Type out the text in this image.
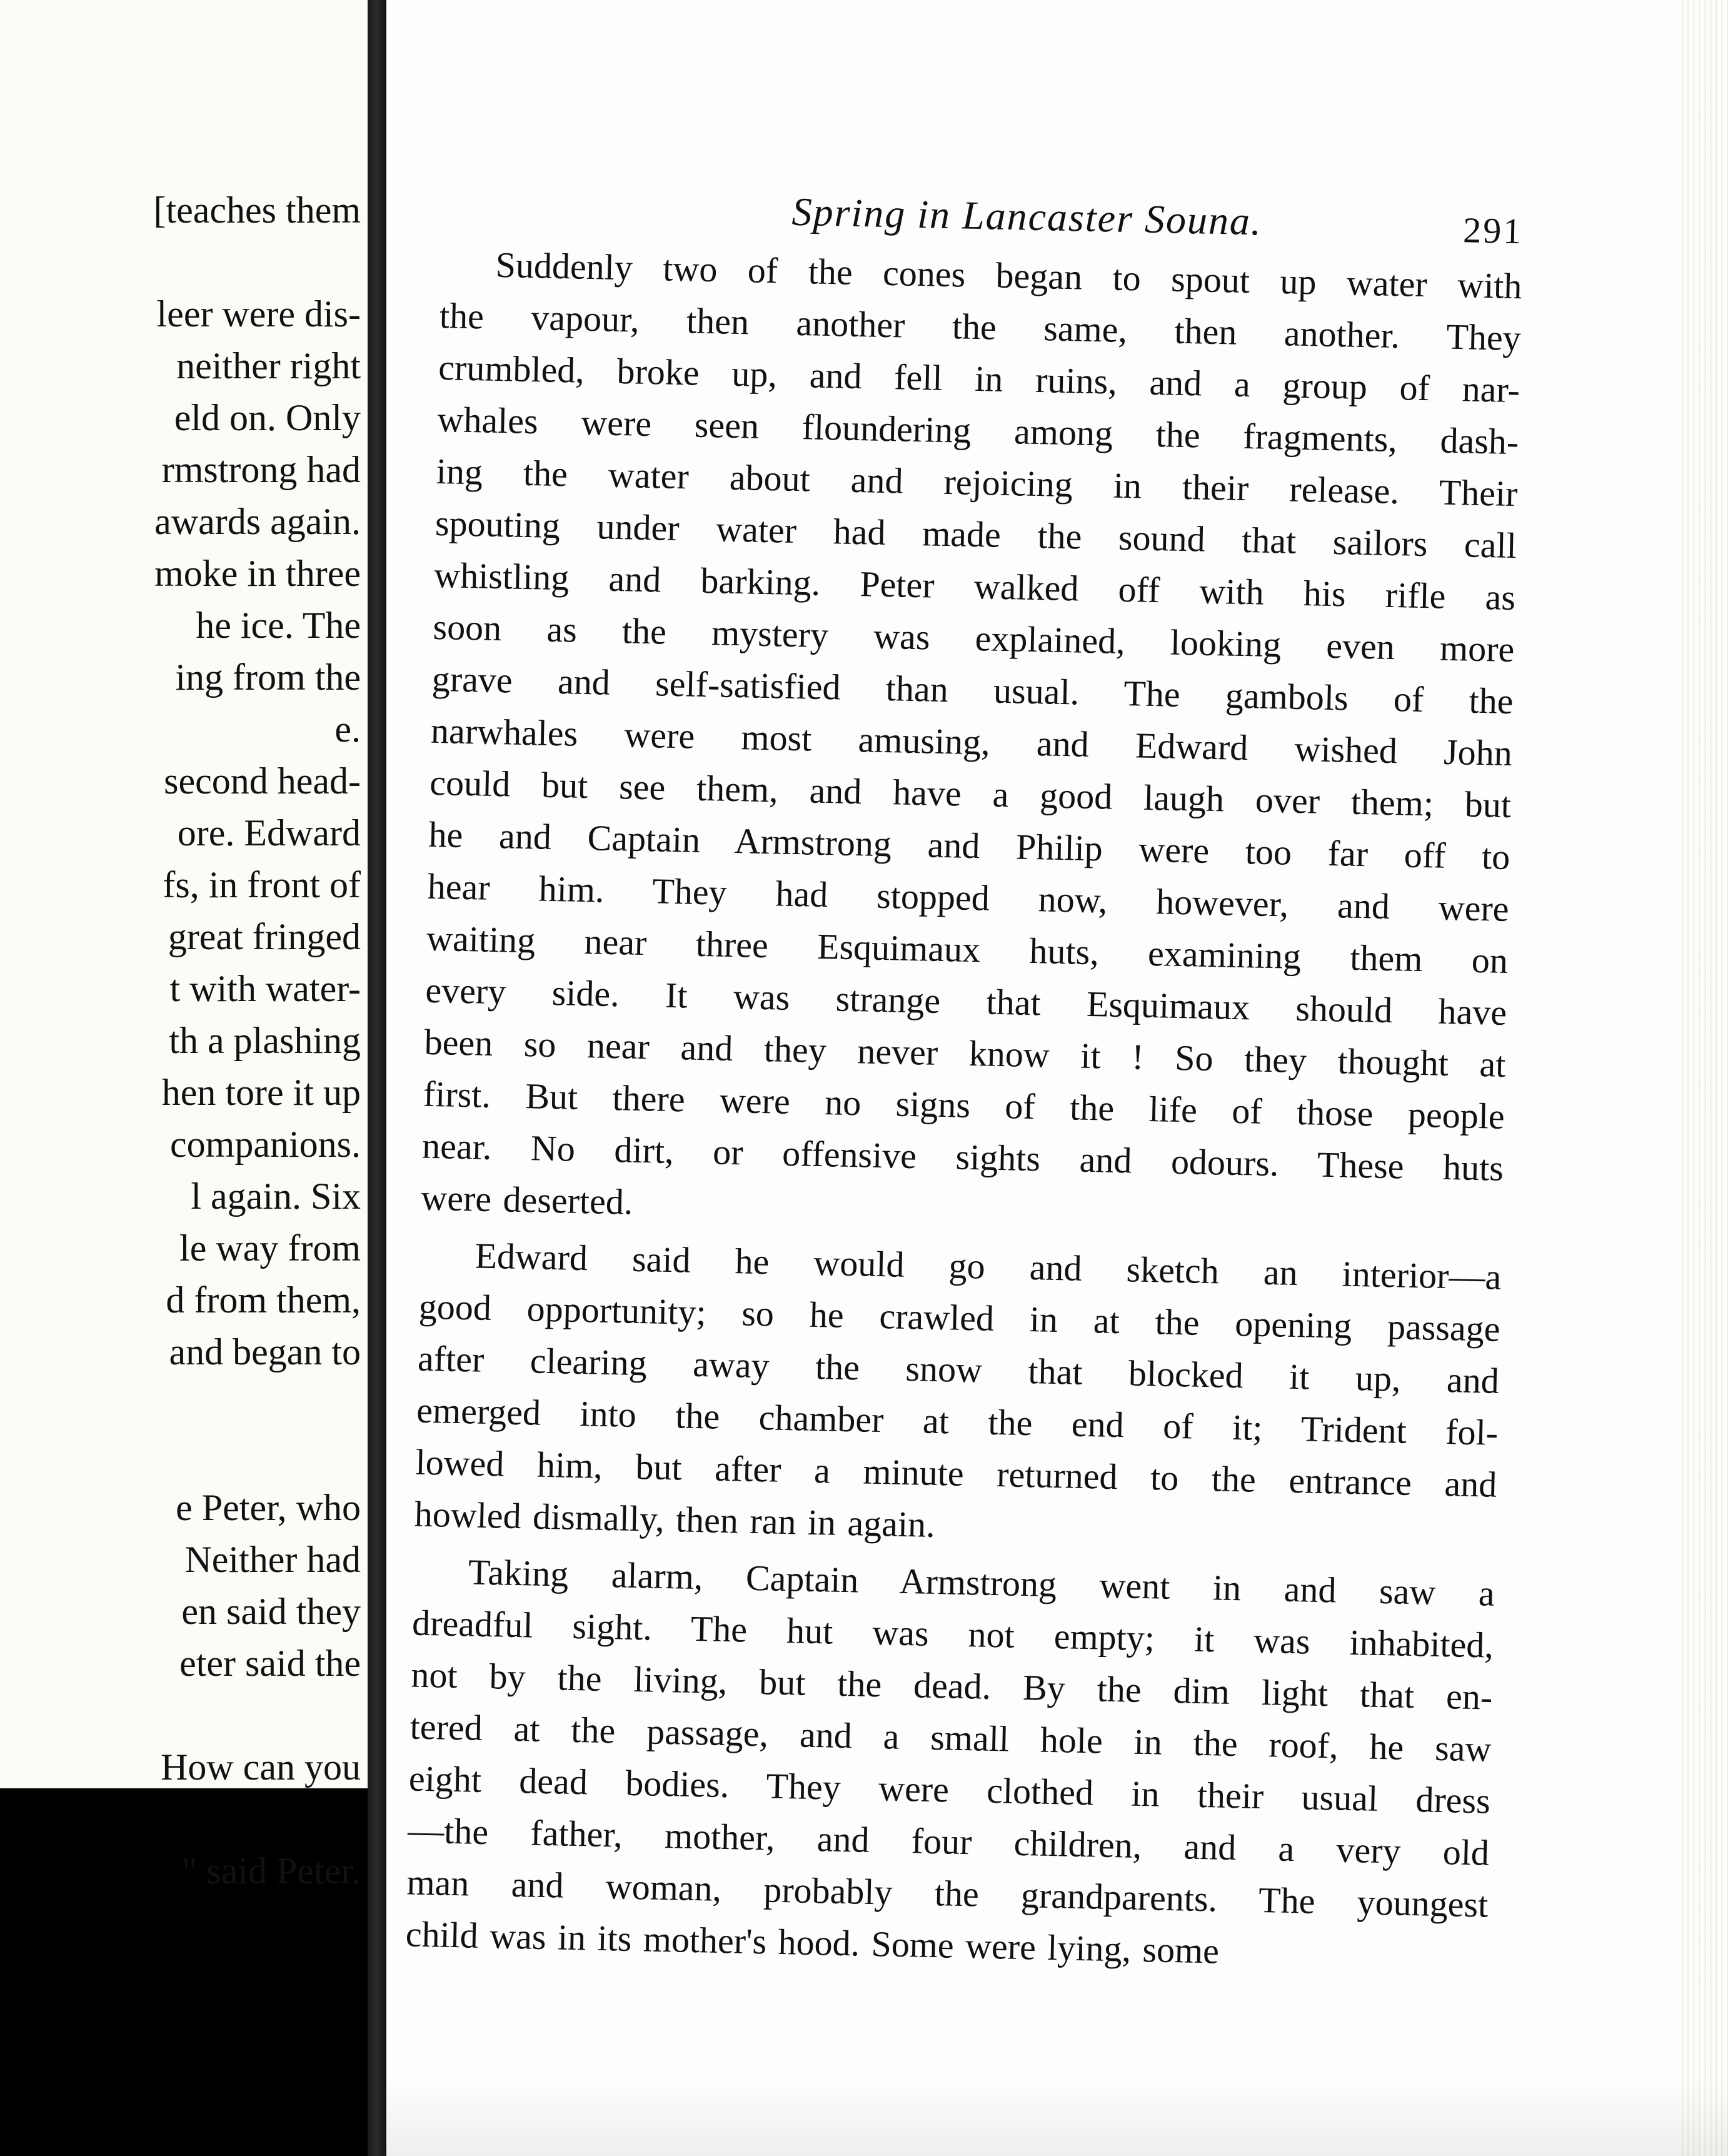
[teaches them
leer were dis-
neither right
eld on. Only
rmstrong had
awards again.
moke in three
he ice. The
ing from the
e.
second head-
ore. Edward
fs, in front of
great fringed
t with water-
th a plashing
hen tore it up
companions.
l again. Six
le way from
d from them,
and began to
e Peter, who
Neither had
en said they
eter said the
How can you
" said Peter.
Spring in Lancaster Souna.	291

Suddenly two of the cones began to spout up water with
the vapour, then another the same, then another. They
crumbled, broke up, and fell in ruins, and a group of nar-
whales were seen floundering among the fragments, dash-
ing the water about and rejoicing in their release. Their
spouting under water had made the sound that sailors call
whistling and barking. Peter walked off with his rifle as
soon as the mystery was explained, looking even more
grave and self-satisfied than usual. The gambols of the
narwhales were most amusing, and Edward wished John
could but see them, and have a good laugh over them; but
he and Captain Armstrong and Philip were too far off to
hear him. They had stopped now, however, and were
waiting near three Esquimaux huts, examining them on
every side. It was strange that Esquimaux should have
been so near and they never know it ! So they thought at
first. But there were no signs of the life of those people
near. No dirt, or offensive sights and odours. These huts
were deserted.

Edward said he would go and sketch an interior—a
good opportunity; so he crawled in at the opening passage
after clearing away the snow that blocked it up, and
emerged into the chamber at the end of it; Trident fol-
lowed him, but after a minute returned to the entrance and
howled dismally, then ran in again.

Taking alarm, Captain Armstrong went in and saw a
dreadful sight. The hut was not empty; it was inhabited,
not by the living, but the dead. By the dim light that en-
tered at the passage, and a small hole in the roof, he saw
eight dead bodies. They were clothed in their usual dress
—the father, mother, and four children, and a very old
man and woman, probably the grandparents. The youngest
child was in its mother's hood. Some were lying, some
